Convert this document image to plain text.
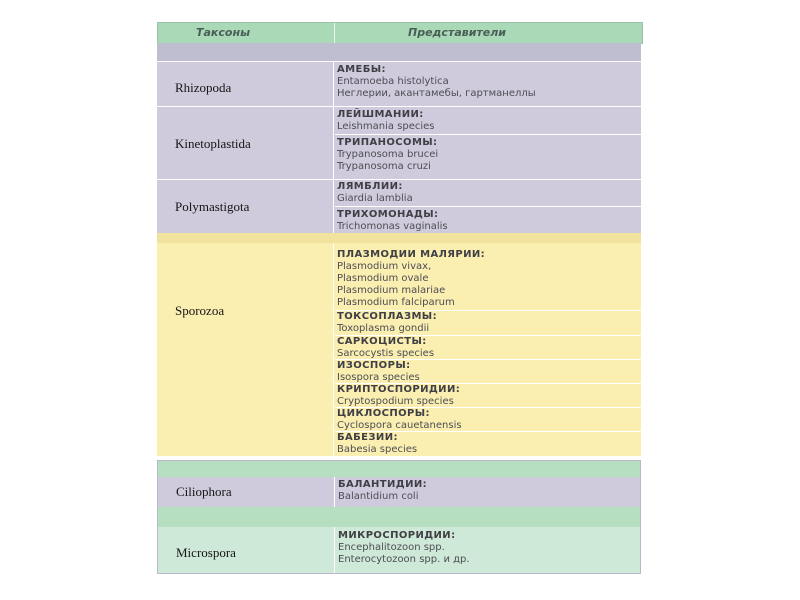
Таксоны	Представители
Rhizopoda
АМЕБЫ:
Entamoeba histolytica
Неглерии, акантамебы, гартманеллы
Kinetoplastida
ЛЕЙШМАНИИ:
Leishmania species
ТРИПАНОСОМЫ:
Trypanosoma brucei
Trypanosoma cruzi
Polymastigota
ЛЯМБЛИИ:
Giardia lamblia
ТРИХОМОНАДЫ:
Trichomonas vaginalis
Sporozoa
ПЛАЗМОДИИ МАЛЯРИИ:
Plasmodium vivax,
Plasmodium ovale
Plasmodium malariae
Plasmodium falciparum
ТОКСОПЛАЗМЫ:
Toxoplasma gondii
САРКОЦИСТЫ:
Sarcocystis species
ИЗОСПОРЫ:
Isospora species
КРИПТОСПОРИДИИ:
Cryptospodium species
ЦИКЛОСПОРЫ:
Cyclospora cauetanensis
БАБЕЗИИ:
Babesia species
Ciliophora	БАЛАНТИДИИ:
Balantidium coli
Microspora
МИКРОСПОРИДИИ:
Encephalitozoon spp.
Enterocytozoon spp. и др.
